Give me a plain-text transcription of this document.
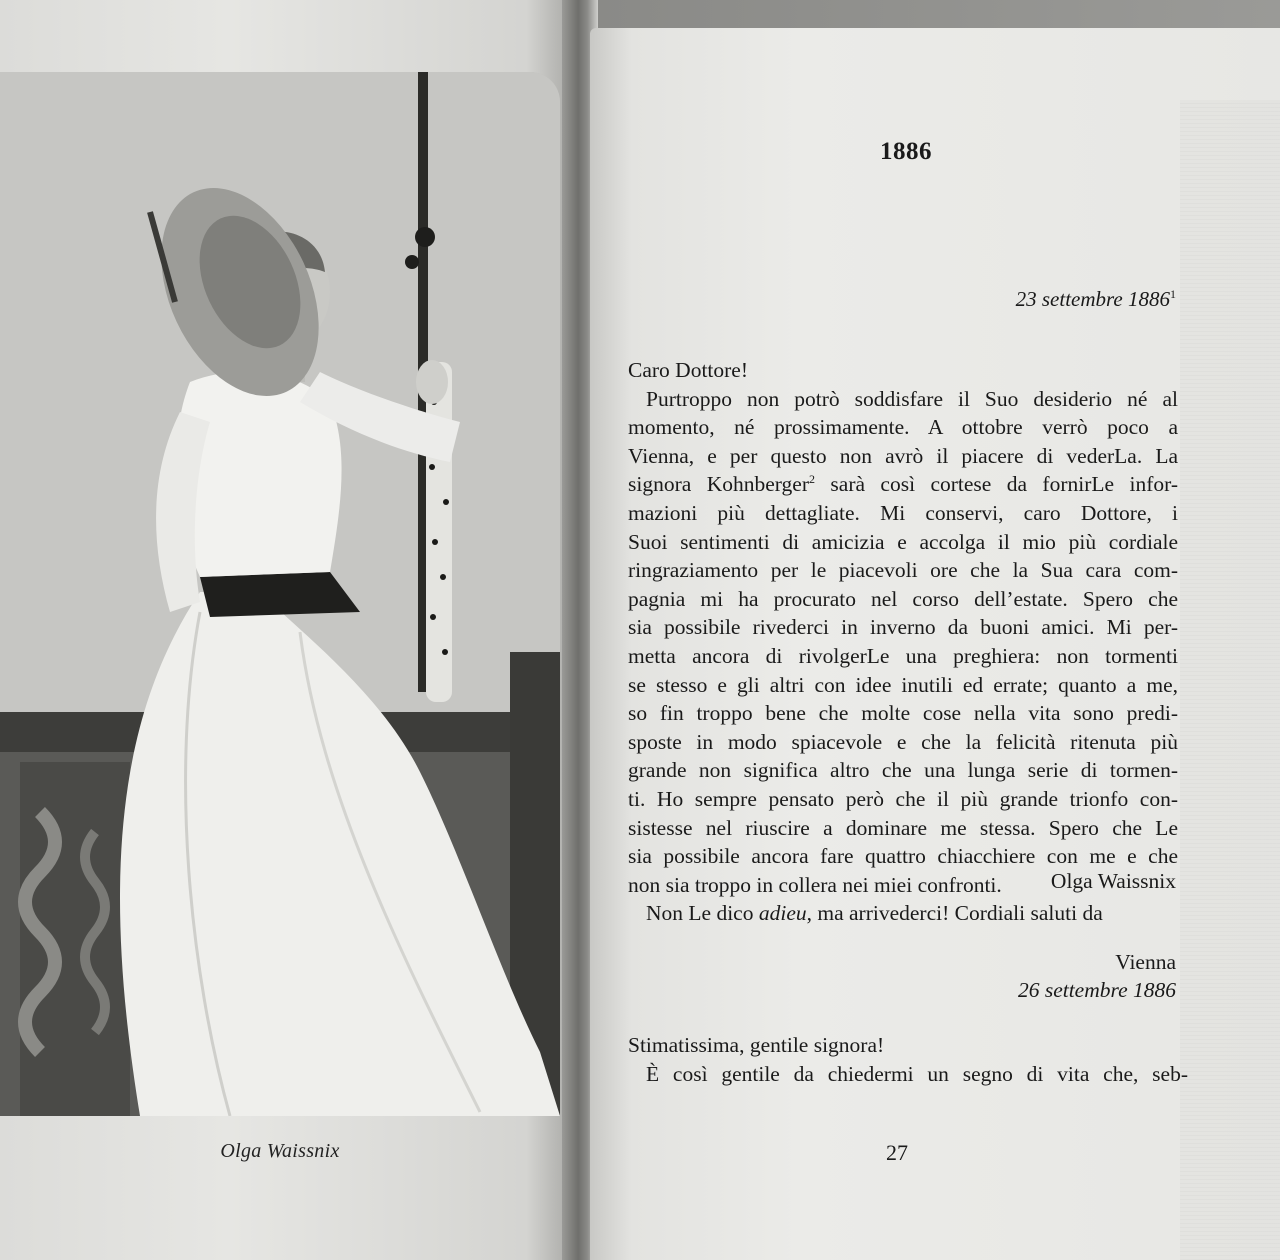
Olga Waissnix
1886
23 settembre 1886$^1$
Caro Dottore!
Purtroppo non potrò soddisfare il Suo desiderio né al
momento, né prossimamente. A ottobre verrò poco a
Vienna, e per questo non avrò il piacere di vederLa. La
signora Kohnberger$^2$ sarà così cortese da fornirLe infor-
mazioni più dettagliate. Mi conservi, caro Dottore, i
Suoi sentimenti di amicizia e accolga il mio più cordiale
ringraziamento per le piacevoli ore che la Sua cara com-
pagnia mi ha procurato nel corso dell’estate. Spero che
sia possibile rivederci in inverno da buoni amici. Mi per-
metta ancora di rivolgerLe una preghiera: non tormenti
se stesso e gli altri con idee inutili ed errate; quanto a me,
so fin troppo bene che molte cose nella vita sono predi-
sposte in modo spiacevole e che la felicità ritenuta più
grande non significa altro che una lunga serie di tormen-
ti. Ho sempre pensato però che il più grande trionfo con-
sistesse nel riuscire a dominare me stessa. Spero che Le
sia possibile ancora fare quattro chiacchiere con me e che
non sia troppo in collera nei miei confronti.
Non Le dico adieu, ma arrivederci! Cordiali saluti da
Olga Waissnix
Vienna
26 settembre 1886
Stimatissima, gentile signora!
È così gentile da chiedermi un segno di vita che, seb-
27
